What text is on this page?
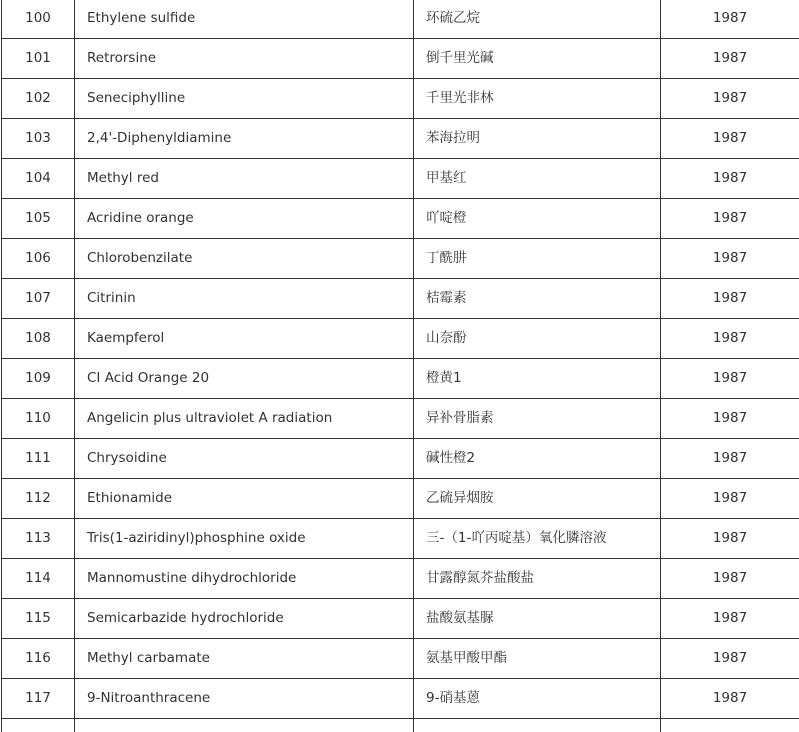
100	Ethylene sulfide	环硫乙烷	1987
101	Retrorsine	倒千里光碱	1987
102	Seneciphylline	千里光非林	1987
103	2,4'-Diphenyldiamine	苯海拉明	1987
104	Methyl red	甲基红	1987
105	Acridine orange	吖啶橙	1987
106	Chlorobenzilate	丁酰肼	1987
107	Citrinin	桔霉素	1987
108	Kaempferol	山奈酚	1987
109	CI Acid Orange 20	橙黄1	1987
110	Angelicin plus ultraviolet A radiation	异补骨脂素	1987
111	Chrysoidine	碱性橙2	1987
112	Ethionamide	乙硫异烟胺	1987
113	Tris(1-aziridinyl)phosphine oxide	三-（1-吖丙啶基）氧化膦溶液	1987
114	Mannomustine dihydrochloride	甘露醇氮芥盐酸盐	1987
115	Semicarbazide hydrochloride	盐酸氨基脲	1987
116	Methyl carbamate	氨基甲酸甲酯	1987
117	9-Nitroanthracene	9-硝基蒽	1987
